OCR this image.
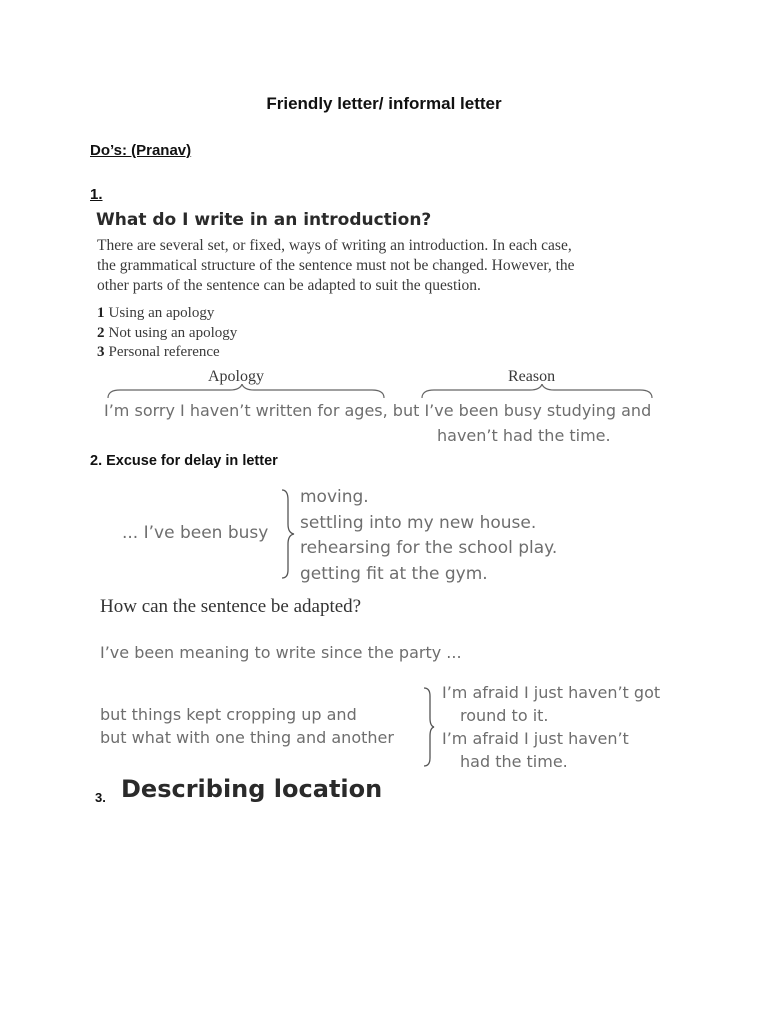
Friendly letter/ informal letter
Do’s: (Pranav)
1.
What do I write in an introduction?
There are several set, or fixed, ways of writing an introduction. In each case,
the grammatical structure of the sentence must not be changed. However, the
other parts of the sentence can be adapted to suit the question.
1 Using an apology
2 Not using an apology
3 Personal reference
Apology	Reason
I’m sorry I haven’t written for ages, but I’ve been busy studying and
haven’t had the time.
2. Excuse for delay in letter
... I’ve been busy
moving.
settling into my new house.
rehearsing for the school play.
getting fit at the gym.
How can the sentence be adapted?
I’ve been meaning to write since the party ...
but things kept cropping up and
but what with one thing and another
I’m afraid I just haven’t got
round to it.
I’m afraid I just haven’t
had the time.
3. Describing location
